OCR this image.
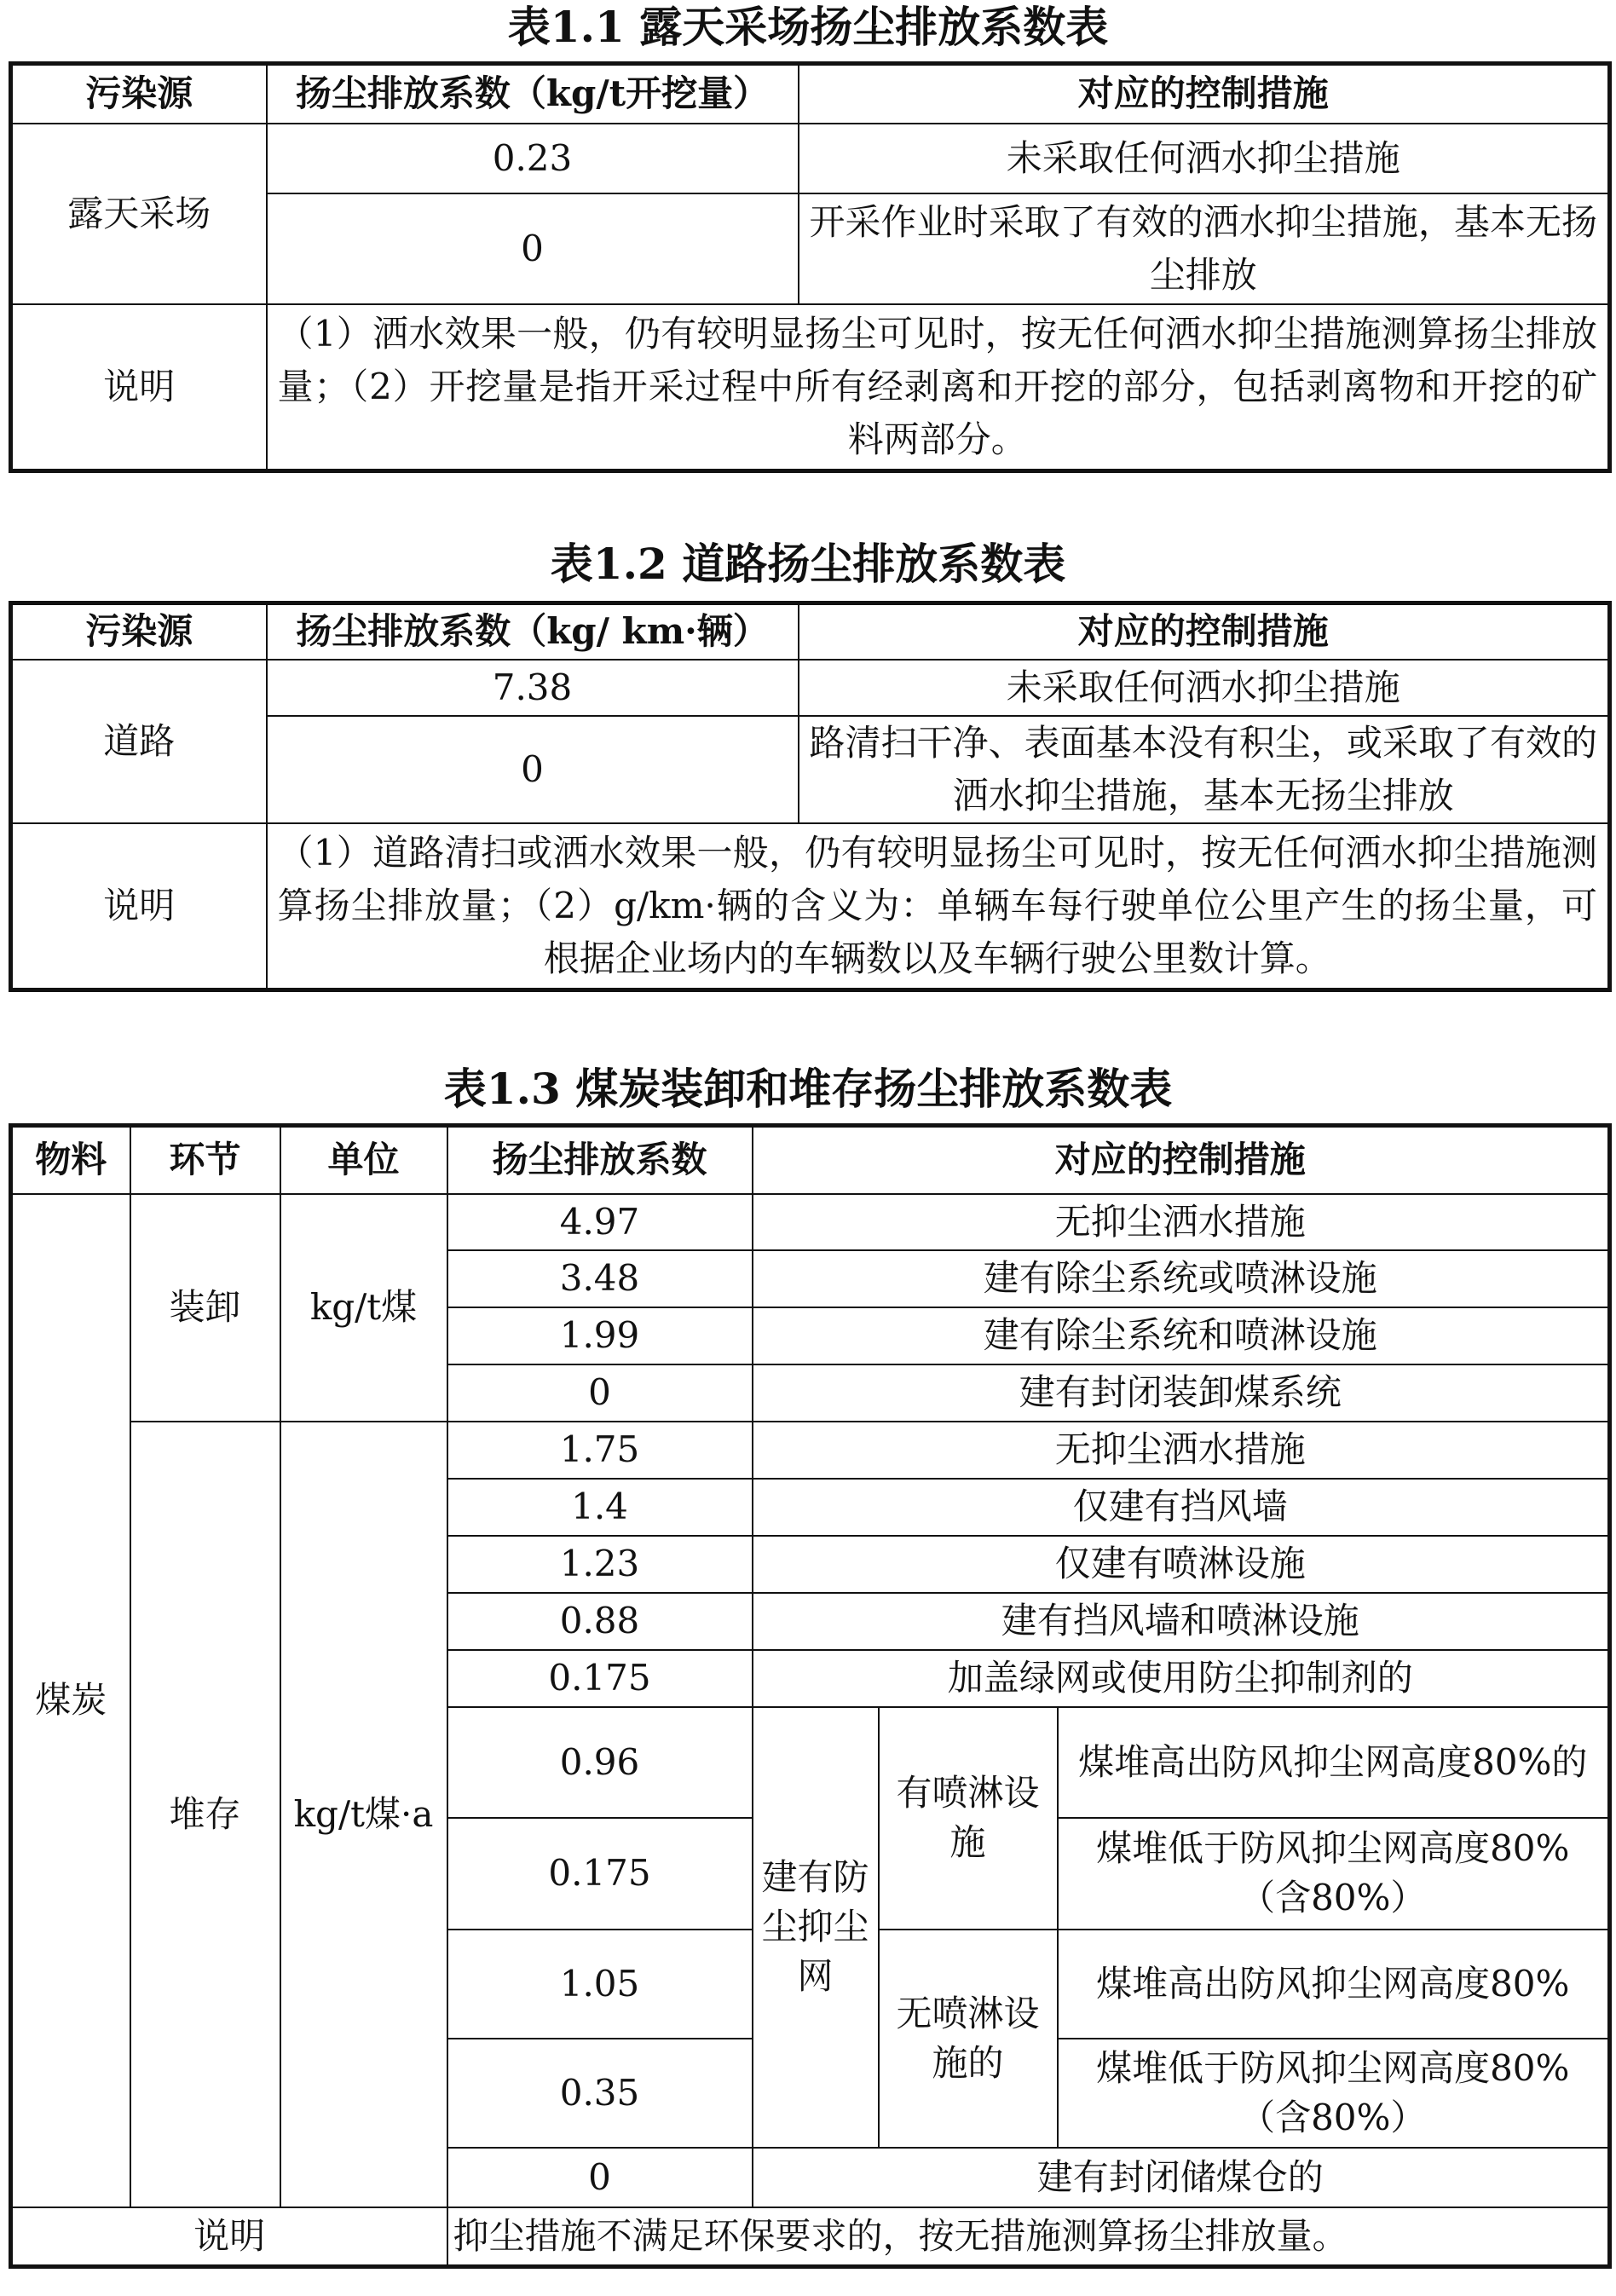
表1.1 露天采场扬尘排放系数表
污染源	扬尘排放系数（kg/t开挖量）	对应的控制措施
露天采场	0.23	未采取任何洒水抑尘措施
	0	开采作业时采取了有效的洒水抑尘措施，基本无扬尘排放
说明	（1）洒水效果一般，仍有较明显扬尘可见时，按无任何洒水抑尘措施测算扬尘排放量；（2）开挖量是指开采过程中所有经剥离和开挖的部分，包括剥离物和开挖的矿料两部分。	
表1.2 道路扬尘排放系数表
污染源	扬尘排放系数（kg/ km·辆）	对应的控制措施
道路	7.38	未采取任何洒水抑尘措施
	0	路清扫干净、表面基本没有积尘，或采取了有效的洒水抑尘措施，基本无扬尘排放
说明	（1）道路清扫或洒水效果一般，仍有较明显扬尘可见时，按无任何洒水抑尘措施测算扬尘排放量；（2）g/km·辆的含义为：单辆车每行驶单位公里产生的扬尘量，可根据企业场内的车辆数以及车辆行驶公里数计算。	
表1.3 煤炭装卸和堆存扬尘排放系数表
物料	环节	单位	扬尘排放系数	对应的控制措施		
煤炭	装卸	kg/t煤	4.97	无抑尘洒水措施		
			3.48	建有除尘系统或喷淋设施		
			1.99	建有除尘系统和喷淋设施		
			0	建有封闭装卸煤系统		
	堆存	kg/t煤·a	1.75	无抑尘洒水措施		
			1.4	仅建有挡风墙		
			1.23	仅建有喷淋设施		
			0.88	建有挡风墙和喷淋设施		
			0.175	加盖绿网或使用防尘抑制剂的		
			0.96	建有防尘抑尘网	有喷淋设施	煤堆高出防风抑尘网高度80%的

			0.175			煤堆低于防风抑尘网高度80%（含80%）

			1.05		无喷淋设施的	煤堆高出防风抑尘网高度80%

			0.35			煤堆低于防风抑尘网高度80%（含80%）

			0	建有封闭储煤仓的		
说明			抑尘措施不满足环保要求的，按无措施测算扬尘排放量。			
